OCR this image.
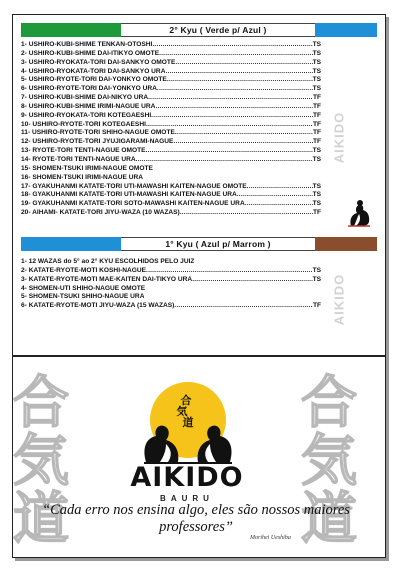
2° Kyu ( Verde p/ Azul )
1- USHIRO-KUBI-SHIME TENKAN-OTOSHI .....	TS
2- USHIRO-KUBI-SHIME DAI-ITIKYO OMOTE .....	TS
3- USHIRO-RYOKATA-TORI DAI-SANKYO OMOTE .....	TS
4- USHIRO-RYOKATA-TORI DAI-SANKYO URA .....	TS
5- USHIRO-RYOTE-TORI DAI-YONKYO OMOTE .....	TS
6- USHIRO-RYOTE-TORI DAI-YONKYO URA .....	TS
7- USHIRO-KUBI-SHIME DAI-NIKYO URA .....	TF
8- USHIRO-KUBI-SHIME IRIMI-NAGUE URA .....	TF
9- USHIRO-RYOKATA-TORI KOTEGAESHI .....	TF
10- USHIRO-RYOTE-TORI KOTEGAESHI .....	TF
11- USHIRO-RYOTE-TORI SHIHO-NAGUE OMOTE .....	TF
12- USHIRO-RYOTE-TORI JYUJIGARAMI-NAGUE .....	TF
13- RYOTE-TORI TENTI-NAGUE OMOTE .....	TS
14- RYOTE-TORI TENTI-NAGUE URA .....	TS
15- SHOMEN-TSUKI IRIMI-NAGUE OMOTE
16- SHOMEN-TSUKI IRIMI-NAGUE URA
17- GYAKUHANMI KATATE-TORI UTI-MAWASHI KAITEN-NAGUE OMOTE .....	TS
18- GYAKUHANMI KATATE-TORI UTI-MAWASHI KAITEN-NAGUE URA .....	TS
19- GYAKUHANMI KATATE-TORI SOTO-MAWASHI KAITEN-NAGUE URA .....	TS
20- AIHAMI- KATATE-TORI JIYU-WAZA (10 WAZAS) .....	TF
AIKIDO
1° Kyu ( Azul p/ Marrom )
1- 12 WAZAS do 5° ao 2° KYU ESCOLHIDOS PELO JUIZ
2- KATATE-RYOTE-MOTI KOSHI-NAGUE .....	TS
3- KATATE-RYOTE-MOTI MAE-KAITEN DAI-TIKYO URA .....	TS
4- SHOMEN-UTI SHIHO-NAGUE OMOTE
5- SHOMEN-TSUKI SHIHO-NAGUE URA
6- KATATE-RYOTE-MOTI JIYU-WAZA (15 WAZAS) .....	TF AIKIDO
合
気
道
合
気
道
合
気
道
AIKIDO
BAURU
“Cada erro nos ensina algo, eles são nossos maiores professores”
Morihei Ueshiba
